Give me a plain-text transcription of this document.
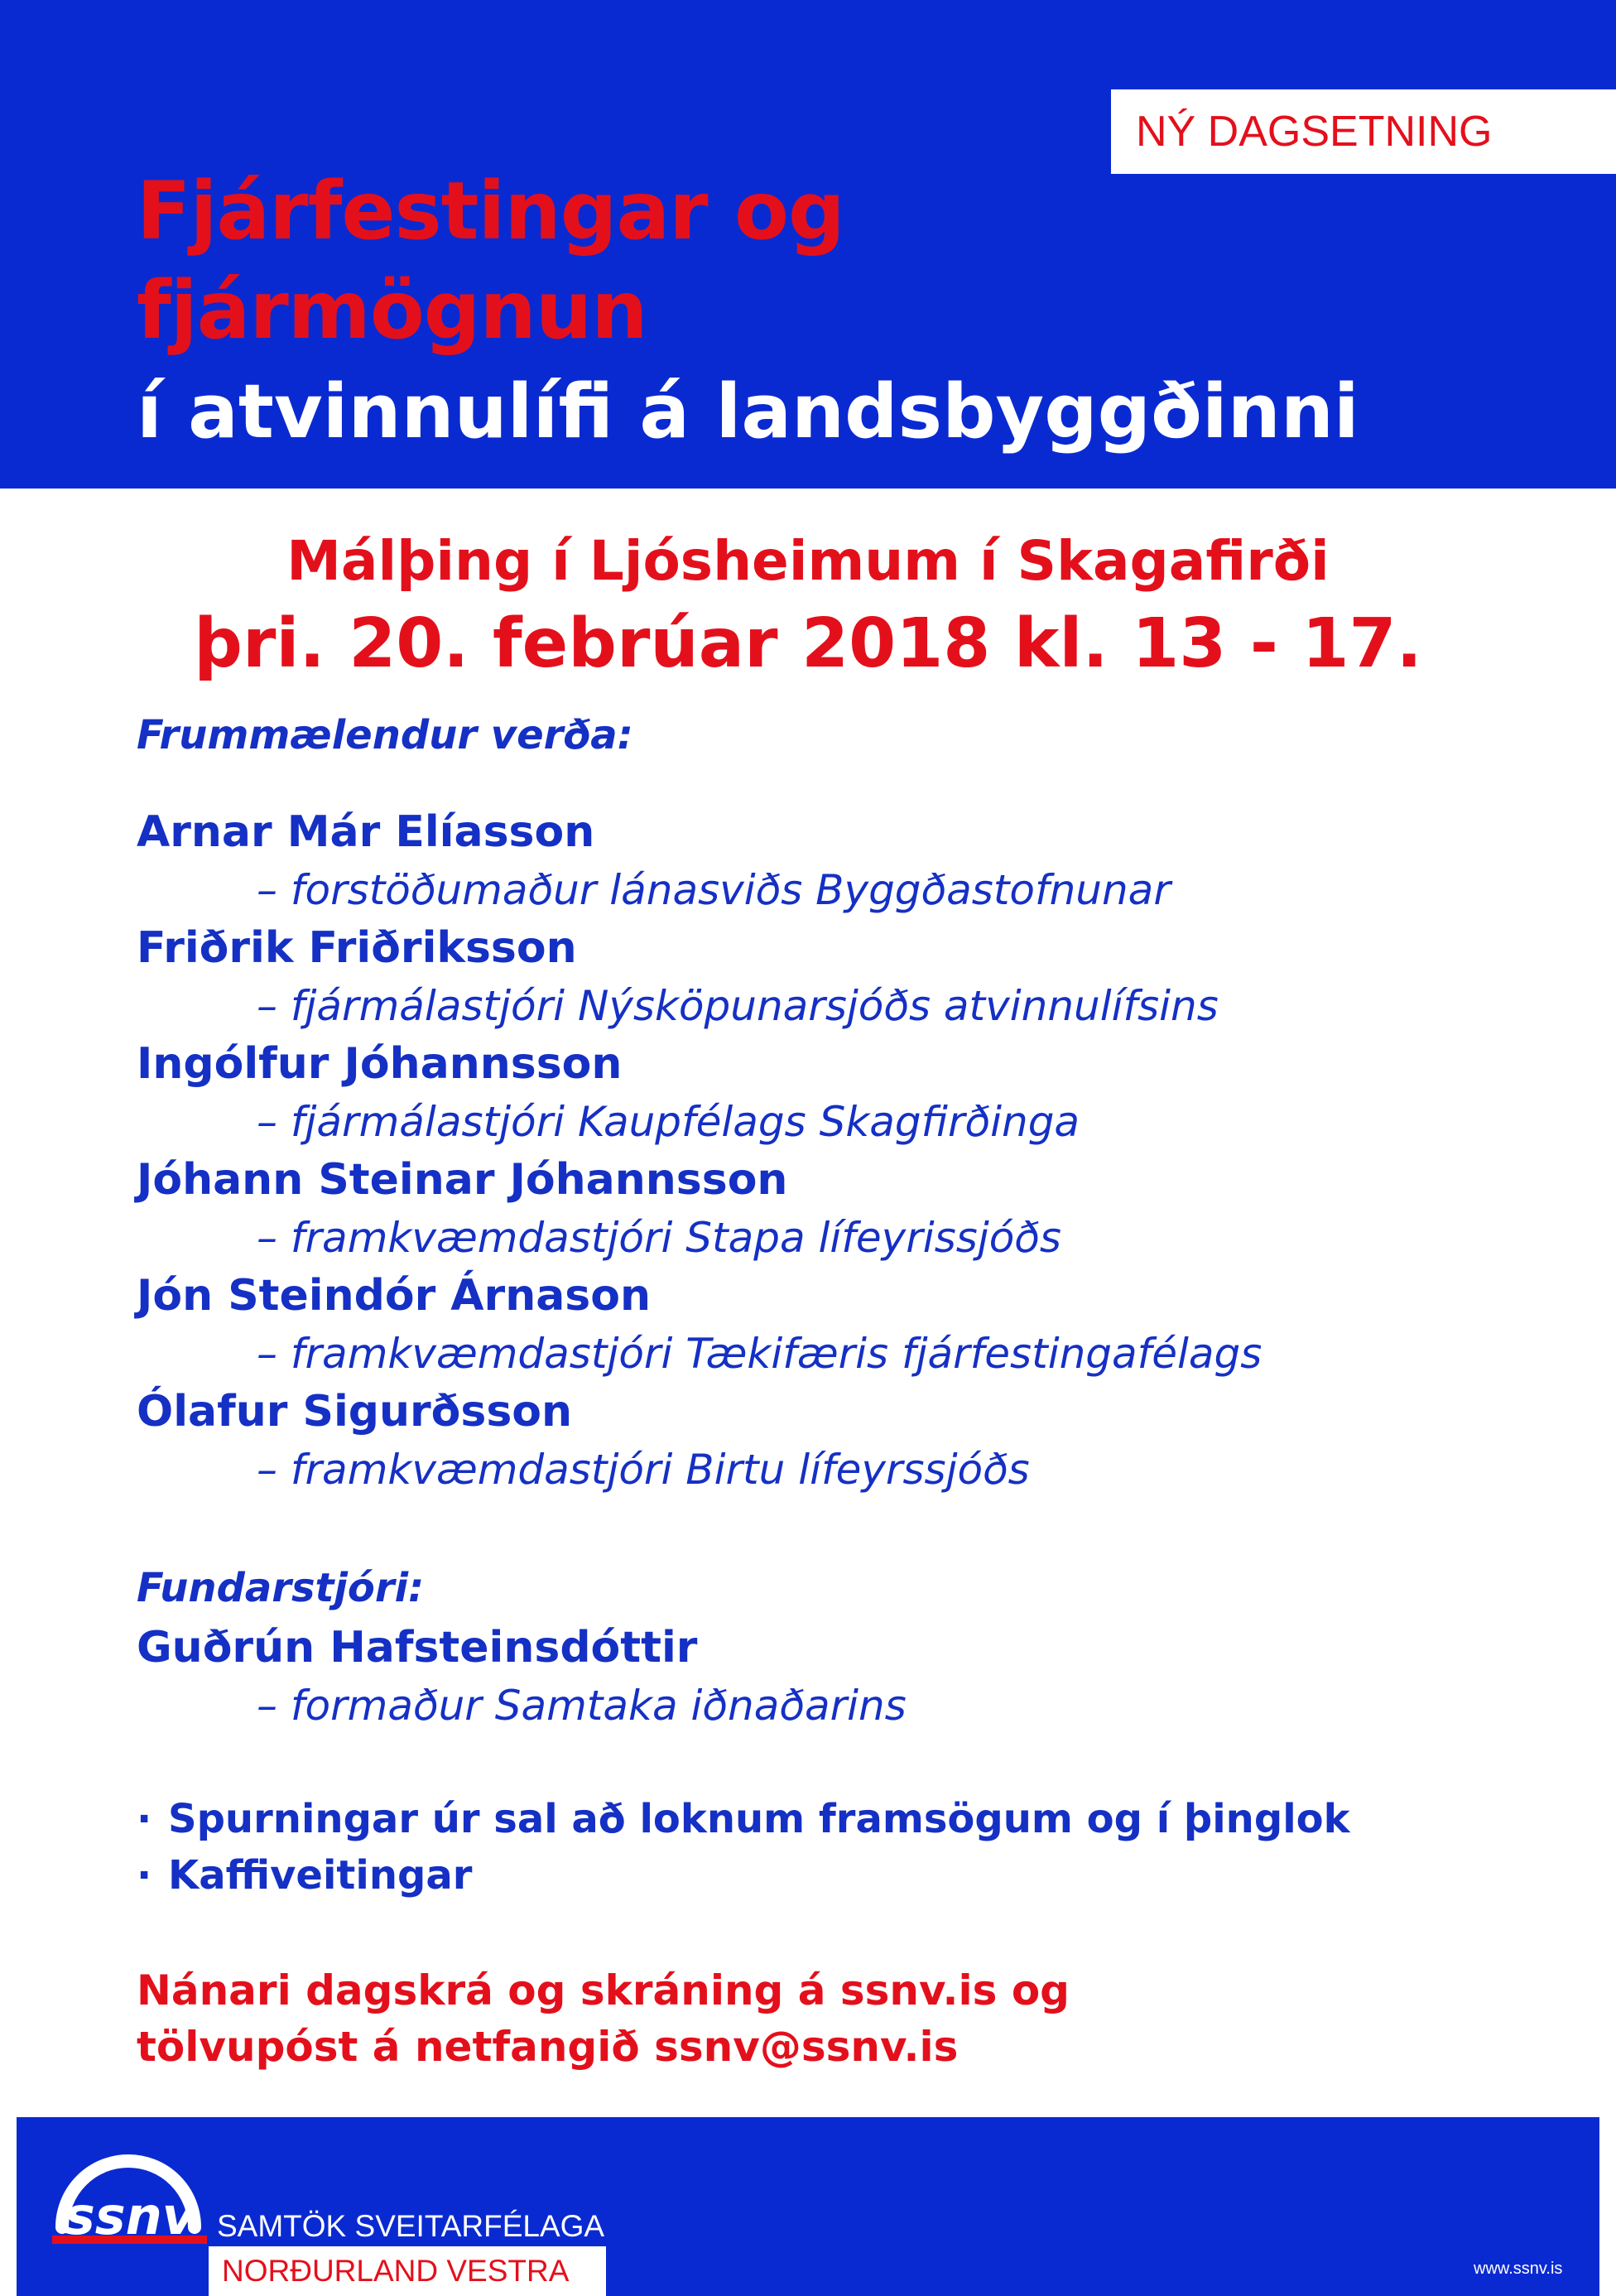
NÝ DAGSETNING
Fjárfestingar og
fjármögnun
í atvinnulífi á landsbyggðinni
Málþing í Ljósheimum í Skagafirði
þri. 20. febrúar 2018 kl. 13 - 17.
Frummælendur verða:
Arnar Már Elíasson
– forstöðumaður lánasviðs Byggðastofnunar
Friðrik Friðriksson
– fjármálastjóri Nýsköpunarsjóðs atvinnulífsins
Ingólfur Jóhannsson
– fjármálastjóri Kaupfélags Skagfirðinga
Jóhann Steinar Jóhannsson
– framkvæmdastjóri Stapa lífeyrissjóðs
Jón Steindór Árnason
– framkvæmdastjóri Tækifæris fjárfestingafélags
Ólafur Sigurðsson
– framkvæmdastjóri Birtu lífeyrssjóðs
Fundarstjóri:
Guðrún Hafsteinsdóttir
– formaður Samtaka iðnaðarins
· Spurningar úr sal að loknum framsögum og í þinglok
· Kaffiveitingar
Nánari dagskrá og skráning á ssnv.is og
tölvupóst á netfangið ssnv@ssnv.is
ssnv SAMTÖK SVEITARFÉLAGA
NORÐURLAND VESTRA	www.ssnv.is
